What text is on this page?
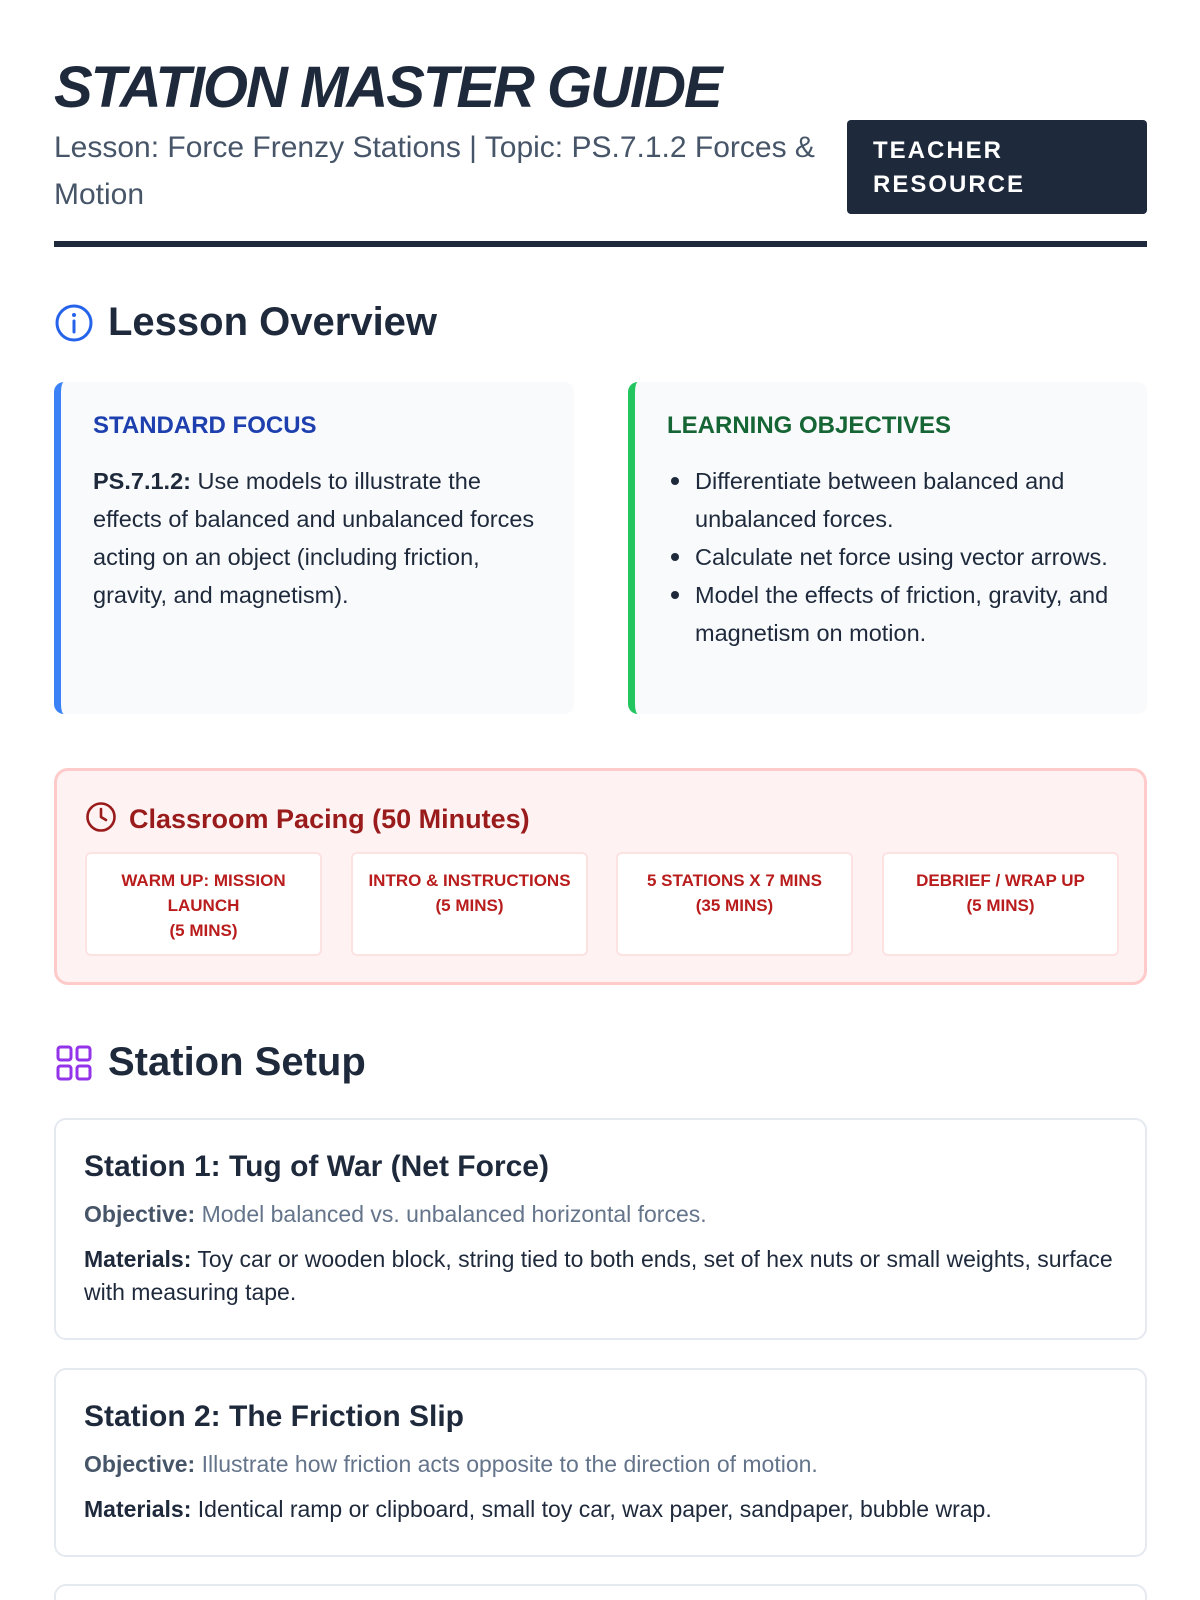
STATION MASTER GUIDE
Lesson: Force Frenzy Stations | Topic: PS.7.1.2 Forces & Motion
TEACHER
RESOURCE
Lesson Overview
STANDARD FOCUS

PS.7.1.2: Use models to illustrate the effects of balanced and unbalanced forces acting on an object (including friction, gravity, and magnetism).

LEARNING OBJECTIVES
Differentiate between balanced and unbalanced forces.
Calculate net force using vector arrows.
Model the effects of friction, gravity, and magnetism on motion.
Classroom Pacing (50 Minutes)
WARM UP: MISSION
LAUNCH
(5 MINS)
INTRO & INSTRUCTIONS
(5 MINS)
5 STATIONS X 7 MINS
(35 MINS)
DEBRIEF / WRAP UP
(5 MINS)
Station Setup
Station 1: Tug of War (Net Force)
Objective: Model balanced vs. unbalanced horizontal forces.
Materials: Toy car or wooden block, string tied to both ends, set of hex nuts or small weights, surface with measuring tape.
Station 2: The Friction Slip
Objective: Illustrate how friction acts opposite to the direction of motion.
Materials: Identical ramp or clipboard, small toy car, wax paper, sandpaper, bubble wrap.
